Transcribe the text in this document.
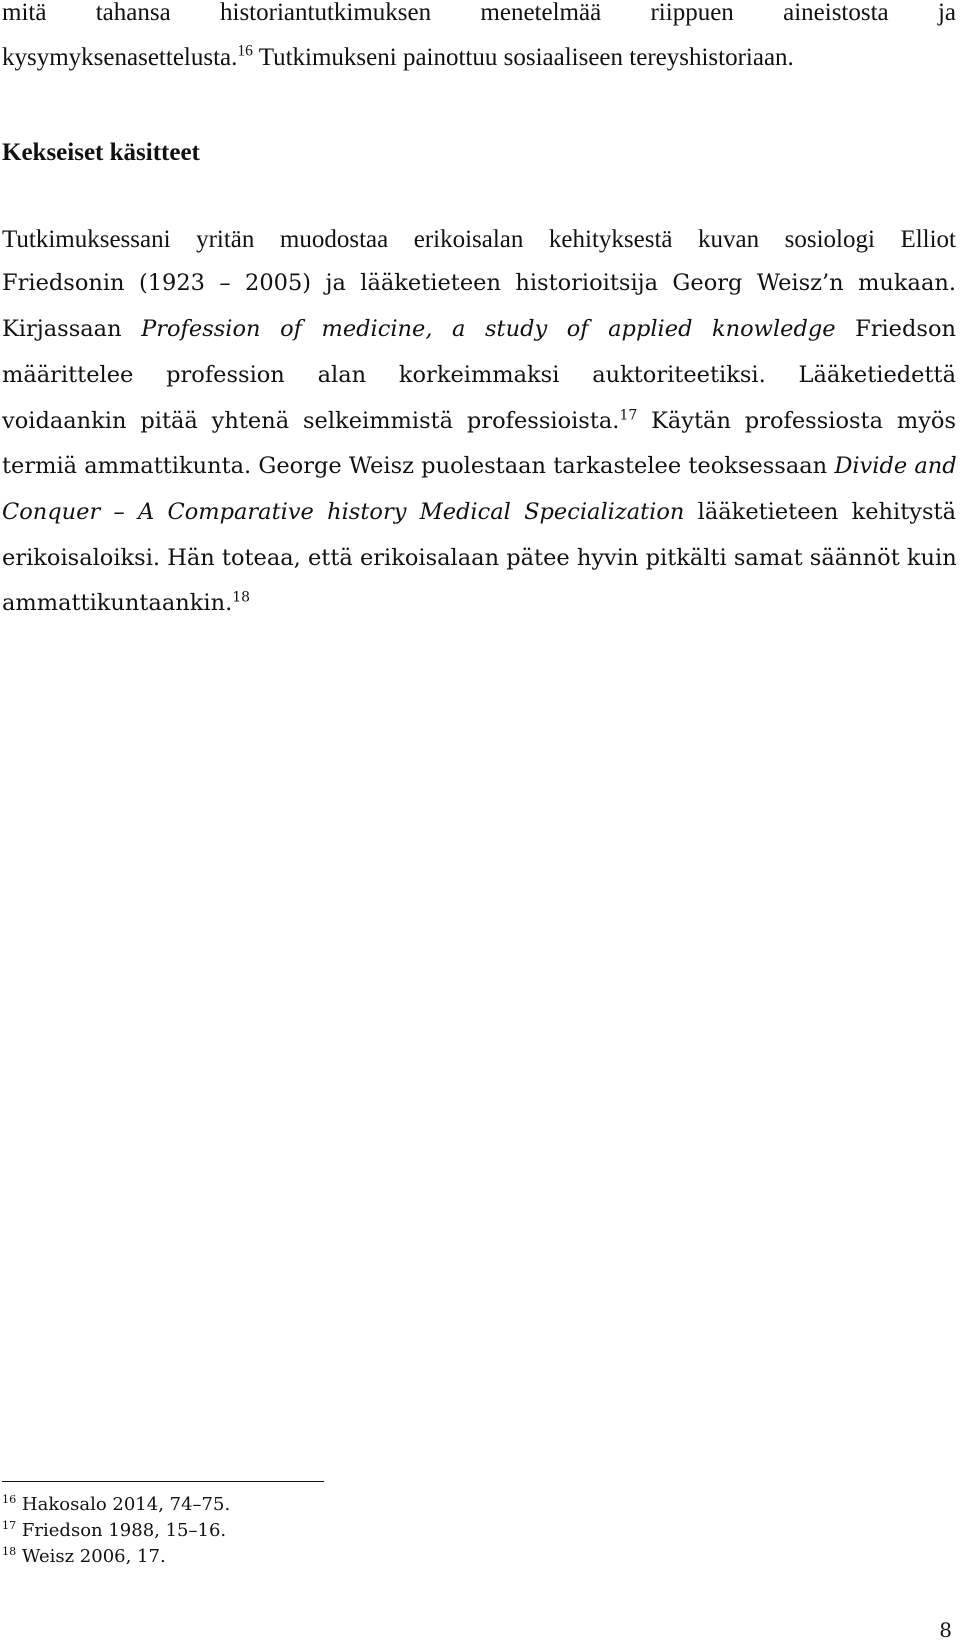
mitä tahansa historiantutkimuksen menetelmää riippuen aineistosta ja
kysymyksenasettelusta.$^{16}$ Tutkimukseni painottuu sosiaaliseen tereyshistoriaan.
Kekseiset käsitteet
Tutkimuksessani yritän muodostaa erikoisalan kehityksestä kuvan sosiologi Elliot
Friedsonin (1923 – 2005) ja lääketieteen historioitsija Georg Weisz’n mukaan.
Kirjassaan Profession of medicine, a study of applied knowledge Friedson
määrittelee profession alan korkeimmaksi auktoriteetiksi. Lääketiedettä
voidaankin pitää yhtenä selkeimmistä professioista.$^{17}$ Käytän professiosta myös
termiä ammattikunta. George Weisz puolestaan tarkastelee teoksessaan Divide and
Conquer – A Comparative history Medical Specialization lääketieteen kehitystä
erikoisaloiksi. Hän toteaa, että erikoisalaan pätee hyvin pitkälti samat säännöt kuin
ammattikuntaankin.$^{18}$
$^{16}$ Hakosalo 2014, 74–75.
$^{17}$ Friedson 1988, 15–16.
$^{18}$ Weisz 2006, 17.
8
